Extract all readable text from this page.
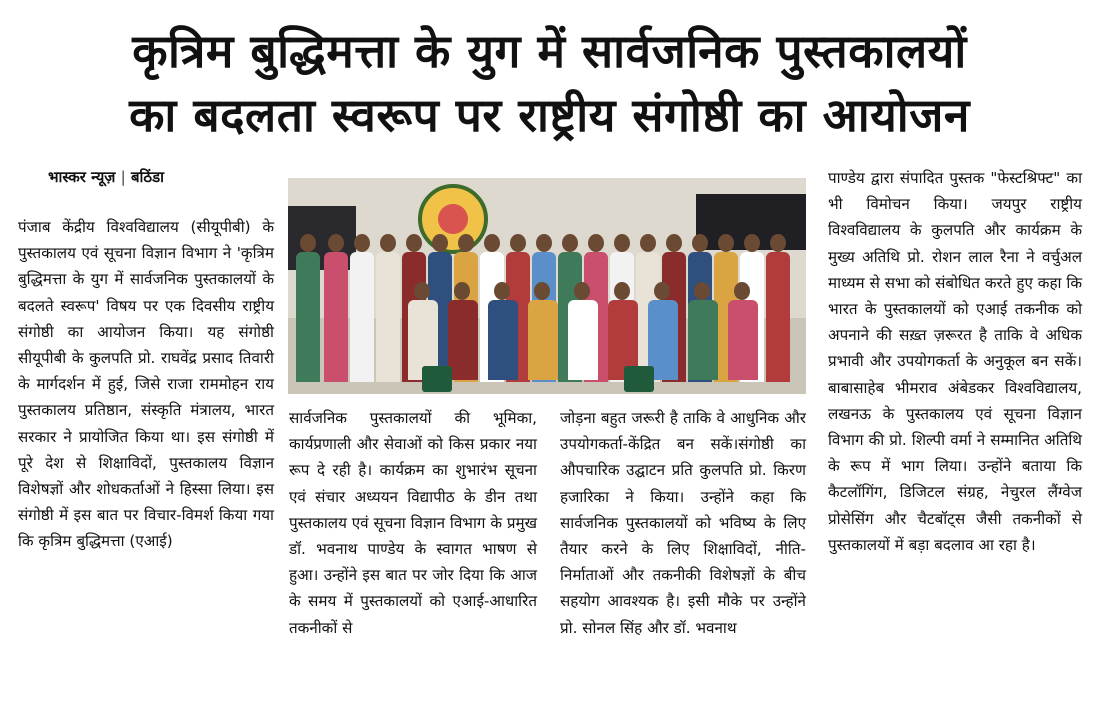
कृत्रिम बुद्धिमत्ता के युग में सार्वजनिक पुस्तकालयों
का बदलता स्वरूप पर राष्ट्रीय संगोष्ठी का आयोजन
भास्कर न्यूज़ | बठिंडा

पंजाब केंद्रीय विश्वविद्यालय (सीयूपीबी) के पुस्तकालय एवं सूचना विज्ञान विभाग ने 'कृत्रिम बुद्धिमत्ता के युग में सार्वजनिक पुस्तकालयों के बदलते स्वरूप' विषय पर एक दिवसीय राष्ट्रीय संगोष्ठी का आयोजन किया। यह संगोष्ठी सीयूपीबी के कुलपति प्रो. राघवेंद्र प्रसाद तिवारी के मार्गदर्शन में हुई, जिसे राजा राममोहन राय पुस्तकालय प्रतिष्ठान, संस्कृति मंत्रालय, भारत सरकार ने प्रायोजित किया था। इस संगोष्ठी में पूरे देश से शिक्षाविदों, पुस्तकालय विज्ञान विशेषज्ञों और शोधकर्ताओं ने हिस्सा लिया। इस संगोष्ठी में इस बात पर विचार-विमर्श किया गया कि कृत्रिम बुद्धिमत्ता (एआई)

सार्वजनिक पुस्तकालयों की भूमिका, कार्यप्रणाली और सेवाओं को किस प्रकार नया रूप दे रही है। कार्यक्रम का शुभारंभ सूचना एवं संचार अध्ययन विद्यापीठ के डीन तथा पुस्तकालय एवं सूचना विज्ञान विभाग के प्रमुख डॉ. भवनाथ पाण्डेय के स्वागत भाषण से हुआ। उन्होंने इस बात पर जोर दिया कि आज के समय में पुस्तकालयों को एआई-आधारित तकनीकों से

जोड़ना बहुत जरूरी है ताकि वे आधुनिक और उपयोगकर्ता-केंद्रित बन सकें।संगोष्ठी का औपचारिक उद्घाटन प्रति कुलपति प्रो. किरण हजारिका ने किया। उन्होंने कहा कि सार्वजनिक पुस्तकालयों को भविष्य के लिए तैयार करने के लिए शिक्षाविदों, नीति-निर्माताओं और तकनीकी विशेषज्ञों के बीच सहयोग आवश्यक है। इसी मौके पर उन्होंने प्रो. सोनल सिंह और डॉ. भवनाथ

पाण्डेय द्वारा संपादित पुस्तक "फेस्टश्रिफ्ट" का भी विमोचन किया। जयपुर राष्ट्रीय विश्वविद्यालय के कुलपति और कार्यक्रम के मुख्य अतिथि प्रो. रोशन लाल रैना ने वर्चुअल माध्यम से सभा को संबोधित करते हुए कहा कि भारत के पुस्तकालयों को एआई तकनीक को अपनाने की सख़्त ज़रूरत है ताकि वे अधिक प्रभावी और उपयोगकर्ता के अनुकूल बन सकें। बाबासाहेब भीमराव अंबेडकर विश्वविद्यालय, लखनऊ के पुस्तकालय एवं सूचना विज्ञान विभाग की प्रो. शिल्पी वर्मा ने सम्मानित अतिथि के रूप में भाग लिया। उन्होंने बताया कि कैटलॉगिंग, डिजिटल संग्रह, नेचुरल लैंग्वेज प्रोसेसिंग और चैटबॉट्स जैसी तकनीकों से पुस्तकालयों में बड़ा बदलाव आ रहा है।
